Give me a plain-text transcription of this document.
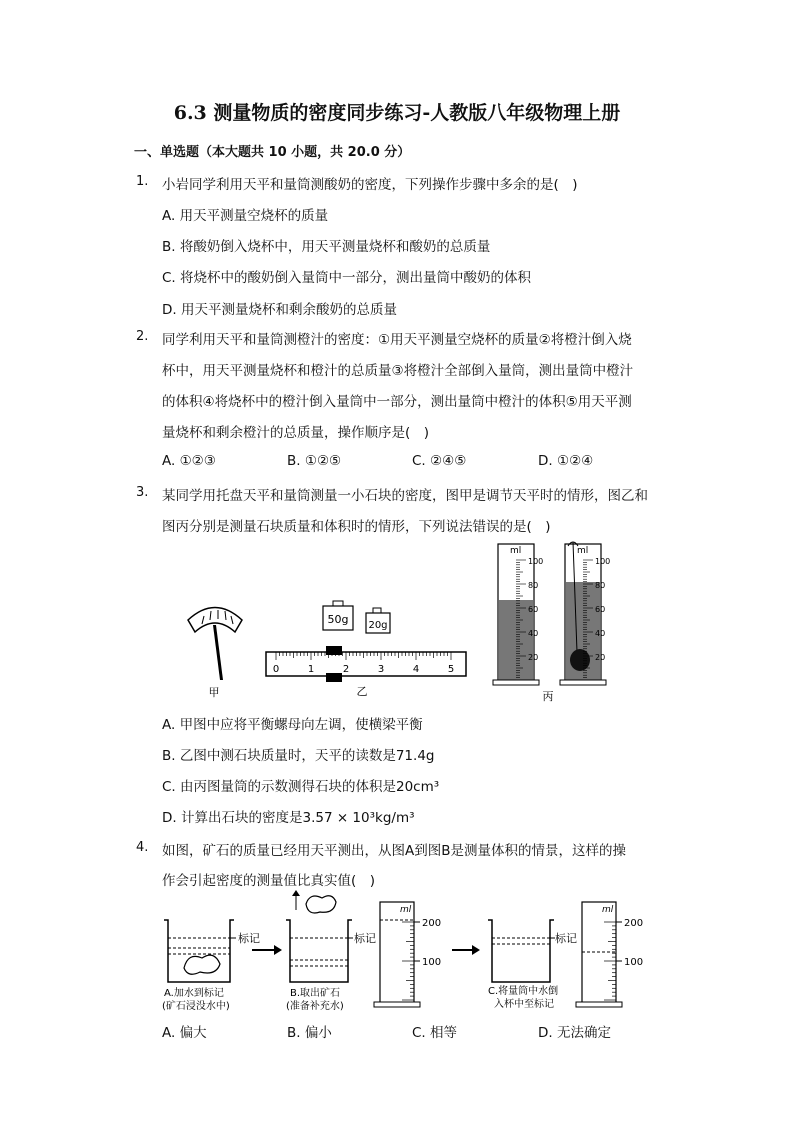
6.3 测量物质的密度同步练习-人教版八年级物理上册
一、单选题（本大题共 10 小题，共 20.0 分）
1. 小岩同学利用天平和量筒测酸奶的密度，下列操作步骤中多余的是(　)
A. 用天平测量空烧杯的质量
B. 将酸奶倒入烧杯中，用天平测量烧杯和酸奶的总质量
C. 将烧杯中的酸奶倒入量筒中一部分，测出量筒中酸奶的体积
D. 用天平测量烧杯和剩余酸奶的总质量
2. 同学利用天平和量筒测橙汁的密度：①用天平测量空烧杯的质量②将橙汁倒入烧
杯中，用天平测量烧杯和橙汁的总质量③将橙汁全部倒入量筒，测出量筒中橙汁
的体积④将烧杯中的橙汁倒入量筒中一部分，测出量筒中橙汁的体积⑤用天平测
量烧杯和剩余橙汁的总质量，操作顺序是(　)
A. ①②③	B. ①②⑤	C. ②④⑤	D. ①②④
3. 某同学用托盘天平和量筒测量一小石块的密度，图甲是调节天平时的情形，图乙和
图丙分别是测量石块质量和体积时的情形，下列说法错误的是(　)
甲
50g 20g
0	1	2	3	4	5
乙
ml
100
80
60
40
20
ml
100
80
60
40
20
丙
A. 甲图中应将平衡螺母向左调，使横梁平衡
B. 乙图中测石块质量时，天平的读数是71.4g
C. 由丙图量筒的示数测得石块的体积是20cm³
D. 计算出石块的密度是3.57 × 10³kg/m³
4. 如图，矿石的质量已经用天平测出，从图A到图B是测量体积的情景，这样的操
作会引起密度的测量值比真实值(　)
标记
A.加水到标记
(矿石浸没水中)
标记
B.取出矿石
(准备补充水)
ml
200
100
标记
C.将量筒中水倒
入杯中至标记
ml
200
100
A. 偏大	B. 偏小	C. 相等	D. 无法确定
